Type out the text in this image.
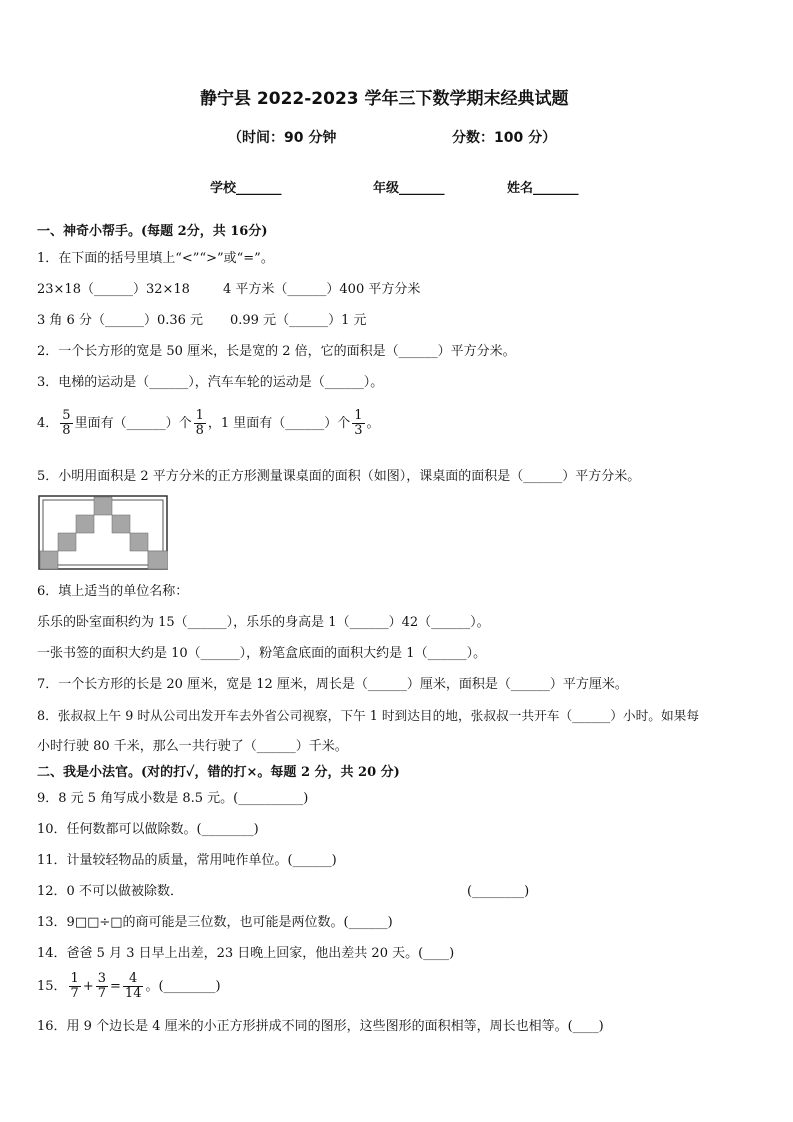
静宁县 2022-2023 学年三下数学期末经典试题
（时间：90 分钟	分数：100 分）
学校_______	年级_______	姓名_______
一、神奇小帮手。(每题 2分，共 16分)
1．在下面的括号里填上“<”“>”或“=”。
23×18（______）32×18	4 平方米（______）400 平方分米
3 角 6 分（______）0.36 元 0.99 元（______）1 元
2．一个长方形的宽是 50 厘米，长是宽的 2 倍，它的面积是（______）平方分米。
3．电梯的运动是（______），汽车车轮的运动是（______）。
4． $\frac{5}{8}$ 里面有（______）个 $\frac{1}{8}$ ，1 里面有（______）个 $\frac{1}{3}$ 。
5．小明用面积是 2 平方分米的正方形测量课桌面的面积（如图），课桌面的面积是（______）平方分米。
6．填上适当的单位名称：
乐乐的卧室面积约为 15（______），乐乐的身高是 1（______）42（______）。
一张书签的面积大约是 10（______），粉笔盒底面的面积大约是 1（______）。
7．一个长方形的长是 20 厘米，宽是 12 厘米，周长是（______）厘米，面积是（______）平方厘米。
8．张叔叔上午 9 时从公司出发开车去外省公司视察，下午 1 时到达目的地，张叔叔一共开车（______）小时。如果每
小时行驶 80 千米，那么一共行驶了（______）千米。
二、我是小法官。(对的打✓，错的打×。每题 2 分，共 20 分)
9．8 元 5 角写成小数是 8.5 元。(__________)
10．任何数都可以做除数。(________)
11．计量较轻物品的质量，常用吨作单位。(______)
12．0 不可以做被除数．	(________)
13．9□□÷□的商可能是三位数，也可能是两位数。(______)
14．爸爸 5 月 3 日早上出差，23 日晚上回家，他出差共 20 天。(____)
15． $\frac{1}{7} + \frac{3}{7} = \frac{4}{14}$ 。(________)
16．用 9 个边长是 4 厘米的小正方形拼成不同的图形，这些图形的面积相等，周长也相等。(____)
